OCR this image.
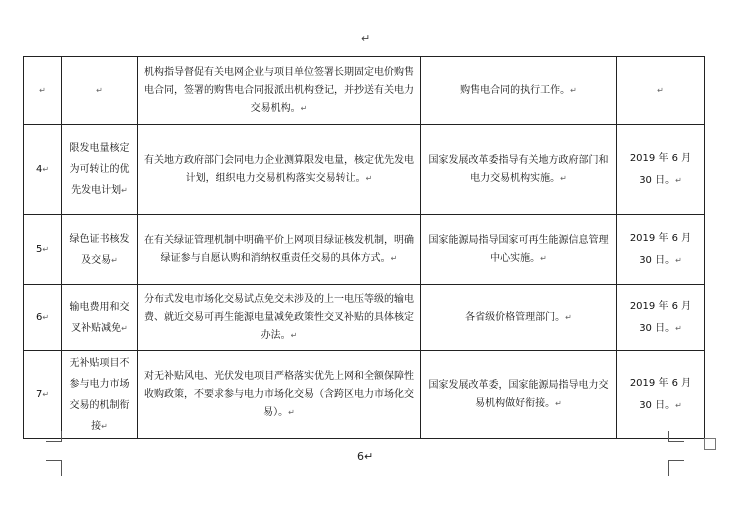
↵
↵	↵	机构指导督促有关电网企业与项目单位签署长期固定电价购售电合同，签署的购售电合同报派出机构登记，并抄送有关电力交易机构。↵	购售电合同的执行工作。↵	↵
4↵	限发电量核定为可转让的优先发电计划↵	有关地方政府部门会同电力企业测算限发电量，核定优先发电计划，组织电力交易机构落实交易转让。↵	国家发展改革委指导有关地方政府部门和电力交易机构实施。↵	2019 年 6 月 30 日。↵
5↵	绿色证书核发及交易↵	在有关绿证管理机制中明确平价上网项目绿证核发机制，明确绿证参与自愿认购和消纳权重责任交易的具体方式。↵	国家能源局指导国家可再生能源信息管理中心实施。↵	2019 年 6 月 30 日。↵
6↵	输电费用和交叉补贴减免↵	分布式发电市场化交易试点免交未涉及的上一电压等级的输电费、就近交易可再生能源电量减免政策性交叉补贴的具体核定办法。↵	各省级价格管理部门。↵	2019 年 6 月 30 日。↵
7↵	无补贴项目不参与电力市场交易的机制衔接↵	对无补贴风电、光伏发电项目严格落实优先上网和全额保障性收购政策，不要求参与电力市场化交易（含跨区电力市场化交易）。↵	国家发展改革委，国家能源局指导电力交易机构做好衔接。↵	2019 年 6 月 30 日。↵
6↵
